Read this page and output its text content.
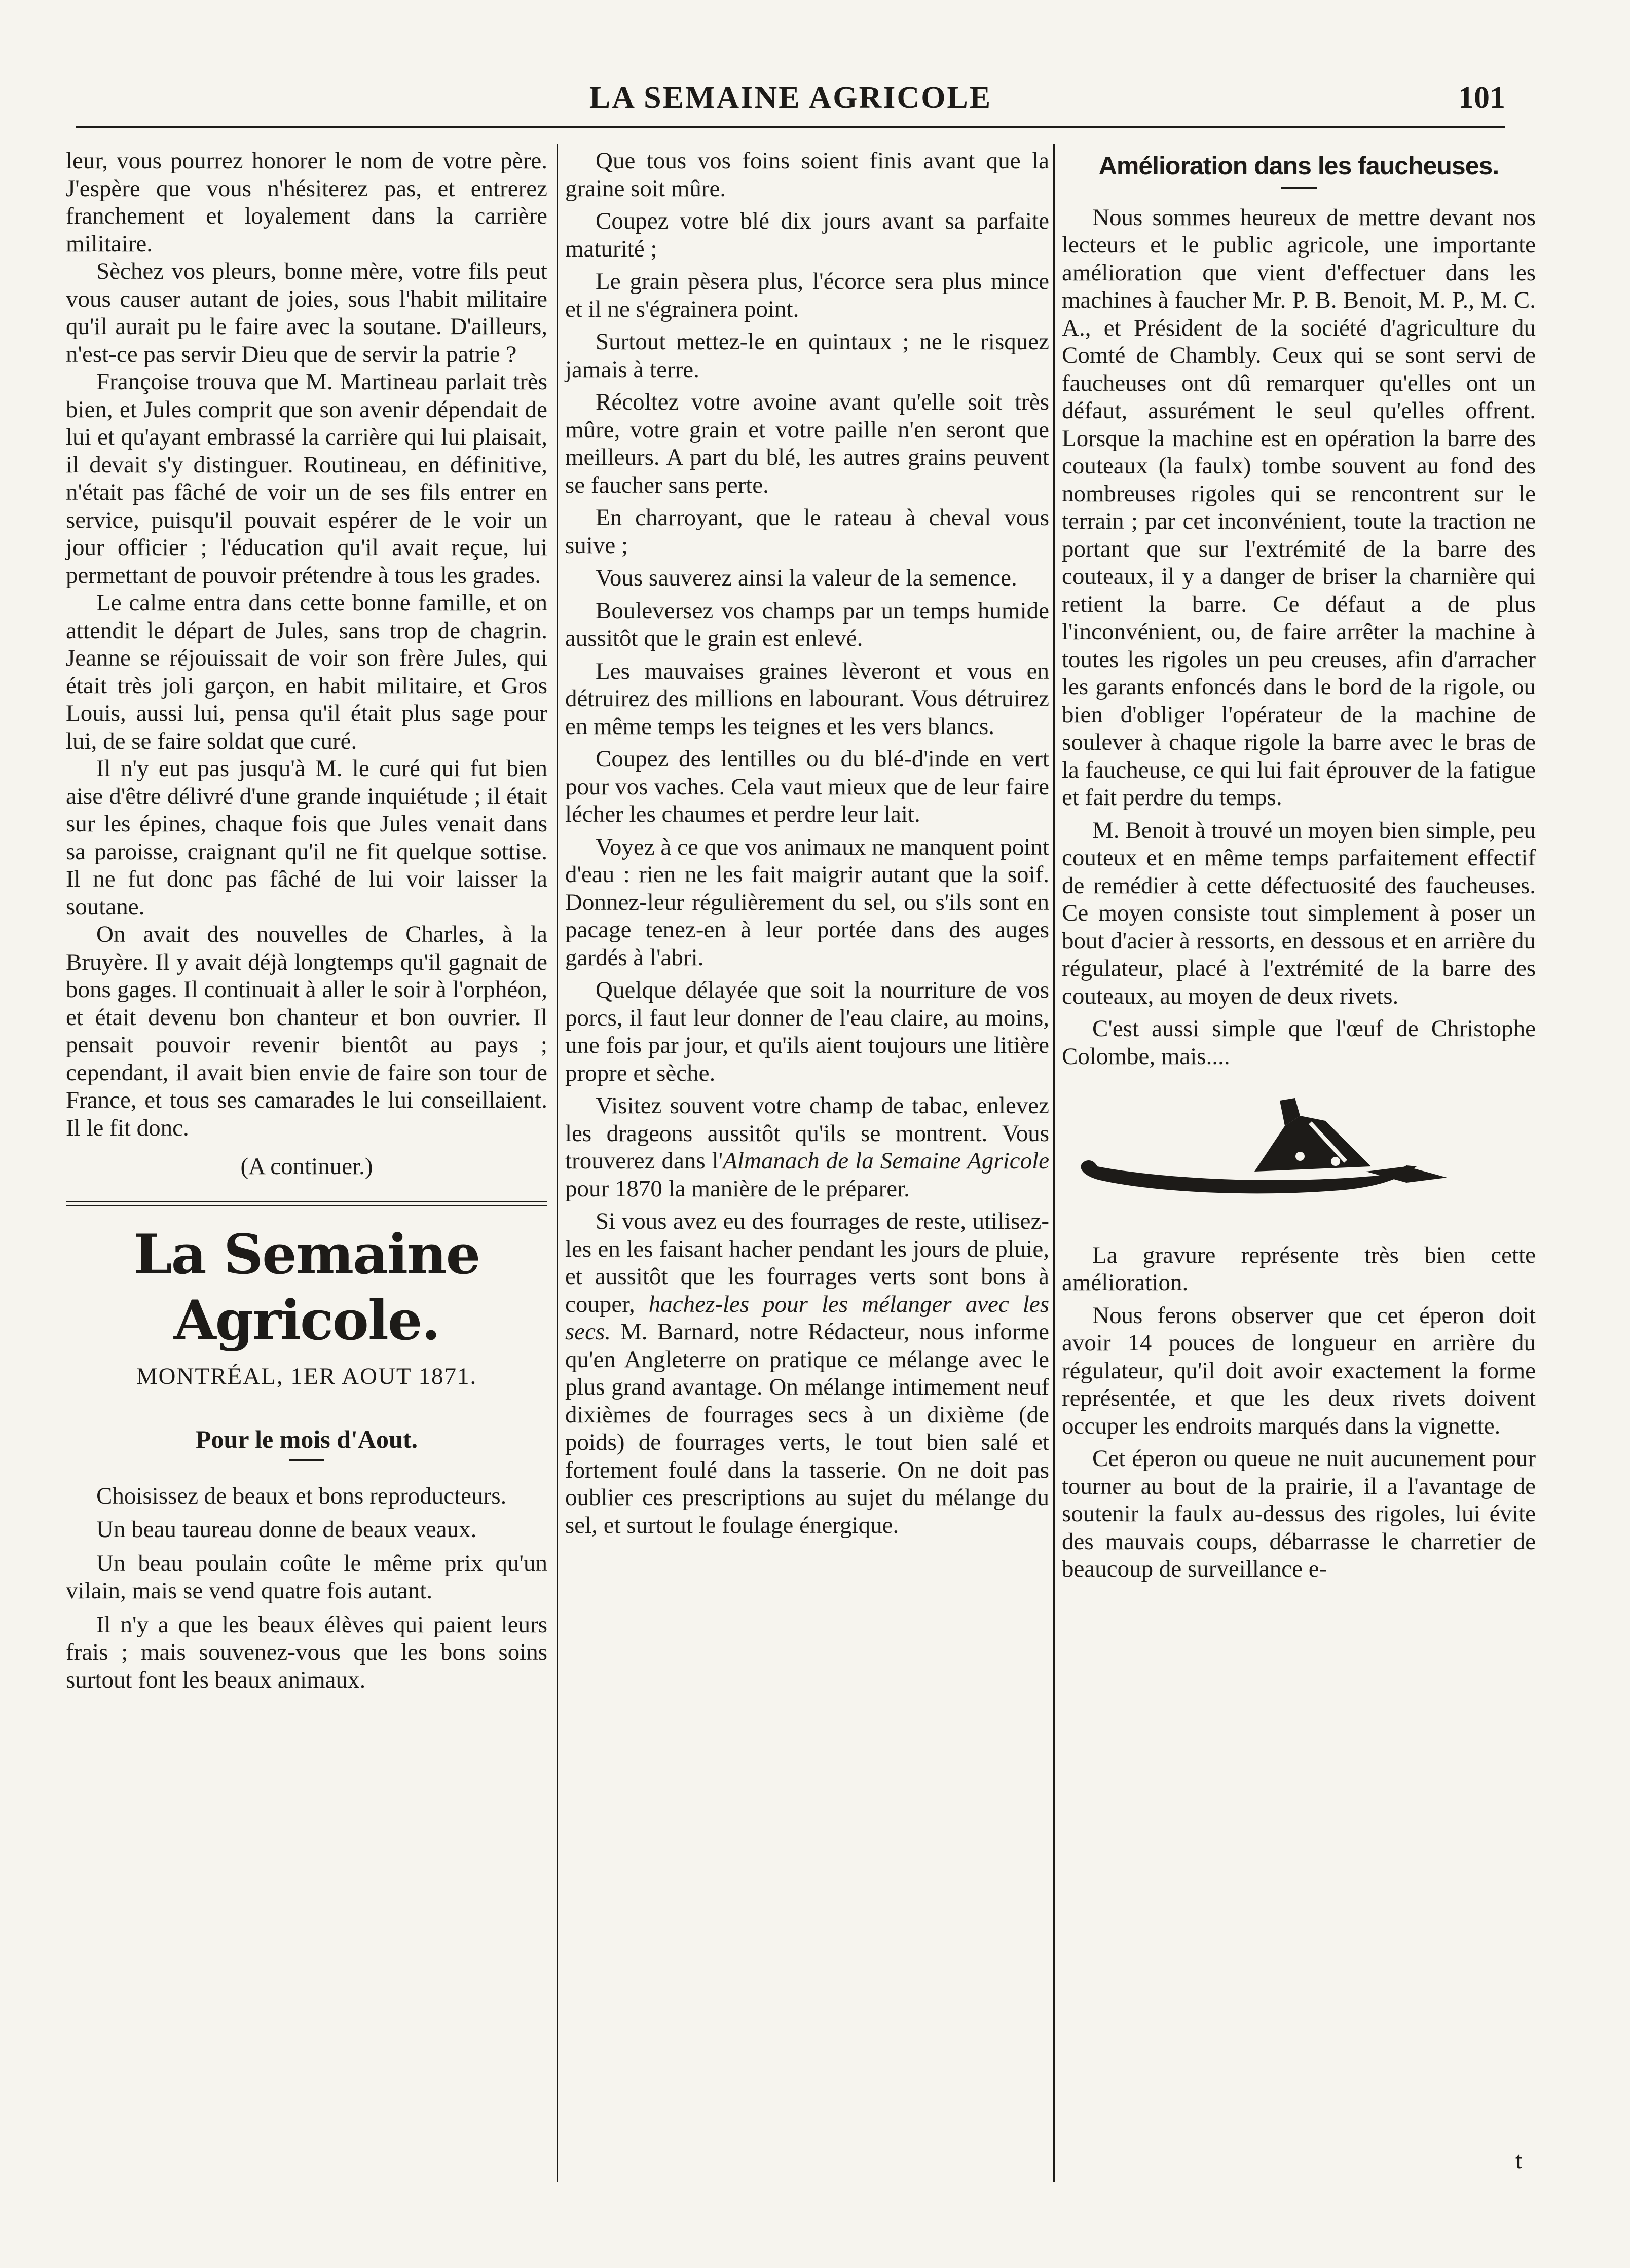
LA SEMAINE AGRICOLE	101

leur, vous pourrez honorer le nom de votre père. J'espère que vous n'hésiterez pas, et entrerez franchement et loyalement dans la carrière militaire.

Sèchez vos pleurs, bonne mère, votre fils peut vous causer autant de joies, sous l'habit militaire qu'il aurait pu le faire avec la soutane. D'ailleurs, n'est-ce pas servir Dieu que de servir la patrie ?

Françoise trouva que M. Martineau parlait très bien, et Jules comprit que son avenir dépendait de lui et qu'ayant embrassé la carrière qui lui plaisait, il devait s'y distinguer. Routineau, en définitive, n'était pas fâché de voir un de ses fils entrer en service, puisqu'il pouvait espérer de le voir un jour officier ; l'éducation qu'il avait reçue, lui permettant de pouvoir prétendre à tous les grades.

Le calme entra dans cette bonne famille, et on attendit le départ de Jules, sans trop de chagrin. Jeanne se réjouissait de voir son frère Jules, qui était très joli garçon, en habit militaire, et Gros Louis, aussi lui, pensa qu'il était plus sage pour lui, de se faire soldat que curé.

Il n'y eut pas jusqu'à M. le curé qui fut bien aise d'être délivré d'une grande inquiétude ; il était sur les épines, chaque fois que Jules venait dans sa paroisse, craignant qu'il ne fit quelque sottise. Il ne fut donc pas fâché de lui voir laisser la soutane.

On avait des nouvelles de Charles, à la Bruyère. Il y avait déjà longtemps qu'il gagnait de bons gages. Il continuait à aller le soir à l'orphéon, et était devenu bon chanteur et bon ouvrier. Il pensait pouvoir revenir bientôt au pays ; cependant, il avait bien envie de faire son tour de France, et tous ses camarades le lui conseillaient. Il le fit donc.

(A continuer.)

La Semaine Agricole.
MONTRÉAL, 1ER AOUT 1871.

Pour le mois d'Aout.

Choisissez de beaux et bons reproducteurs.

Un beau taureau donne de beaux veaux.

Un beau poulain coûte le même prix qu'un vilain, mais se vend quatre fois autant.

Il n'y a que les beaux élèves qui paient leurs frais ; mais souvenez-vous que les bons soins surtout font les beaux animaux.

Que tous vos foins soient finis avant que la graine soit mûre.

Coupez votre blé dix jours avant sa parfaite maturité ;

Le grain pèsera plus, l'écorce sera plus mince et il ne s'égrainera point.

Surtout mettez-le en quintaux ; ne le risquez jamais à terre.

Récoltez votre avoine avant qu'elle soit très mûre, votre grain et votre paille n'en seront que meilleurs. A part du blé, les autres grains peuvent se faucher sans perte.

En charroyant, que le rateau à cheval vous suive ;

Vous sauverez ainsi la valeur de la semence.

Bouleversez vos champs par un temps humide aussitôt que le grain est enlevé.

Les mauvaises graines lèveront et vous en détruirez des millions en labourant. Vous détruirez en même temps les teignes et les vers blancs.

Coupez des lentilles ou du blé-d'inde en vert pour vos vaches. Cela vaut mieux que de leur faire lécher les chaumes et perdre leur lait.

Voyez à ce que vos animaux ne manquent point d'eau : rien ne les fait maigrir autant que la soif. Donnez-leur régulièrement du sel, ou s'ils sont en pacage tenez-en à leur portée dans des auges gardés à l'abri.

Quelque délayée que soit la nourriture de vos porcs, il faut leur donner de l'eau claire, au moins, une fois par jour, et qu'ils aient toujours une litière propre et sèche.

Visitez souvent votre champ de tabac, enlevez les drageons aussitôt qu'ils se montrent. Vous trouverez dans l'Almanach de la Semaine Agricole pour 1870 la manière de le préparer.

Si vous avez eu des fourrages de reste, utilisez-les en les faisant hacher pendant les jours de pluie, et aussitôt que les fourrages verts sont bons à couper, hachez-les pour les mélanger avec les secs. M. Barnard, notre Rédacteur, nous informe qu'en Angleterre on pratique ce mélange avec le plus grand avantage. On mélange intimement neuf dixièmes de fourrages secs à un dixième (de poids) de fourrages verts, le tout bien salé et fortement foulé dans la tasserie. On ne doit pas oublier ces prescriptions au sujet du mélange du sel, et surtout le foulage énergique.

Amélioration dans les faucheuses.

Nous sommes heureux de mettre devant nos lecteurs et le public agricole, une importante amélioration que vient d'effectuer dans les machines à faucher Mr. P. B. Benoit, M. P., M. C. A., et Président de la société d'agriculture du Comté de Chambly. Ceux qui se sont servi de faucheuses ont dû remarquer qu'elles ont un défaut, assurément le seul qu'elles offrent. Lorsque la machine est en opération la barre des couteaux (la faulx) tombe souvent au fond des nombreuses rigoles qui se rencontrent sur le terrain ; par cet inconvénient, toute la traction ne portant que sur l'extrémité de la barre des couteaux, il y a danger de briser la charnière qui retient la barre. Ce défaut a de plus l'inconvénient, ou, de faire arrêter la machine à toutes les rigoles un peu creuses, afin d'arracher les garants enfoncés dans le bord de la rigole, ou bien d'obliger l'opérateur de la machine de soulever à chaque rigole la barre avec le bras de la faucheuse, ce qui lui fait éprouver de la fatigue et fait perdre du temps.

M. Benoit à trouvé un moyen bien simple, peu couteux et en même temps parfaitement effectif de remédier à cette défectuosité des faucheuses. Ce moyen consiste tout simplement à poser un bout d'acier à ressorts, en dessous et en arrière du régulateur, placé à l'extrémité de la barre des couteaux, au moyen de deux rivets.

C'est aussi simple que l'œuf de Christophe Colombe, mais....

La gravure représente très bien cette amélioration.

Nous ferons observer que cet éperon doit avoir 14 pouces de longueur en arrière du régulateur, qu'il doit avoir exactement la forme représentée, et que les deux rivets doivent occuper les endroits marqués dans la vignette.

Cet éperon ou queue ne nuit aucunement pour tourner au bout de la prairie, il a l'avantage de soutenir la faulx au-dessus des rigoles, lui évite des mauvais coups, débarrasse le charretier de beaucoup de surveillance e-

t
